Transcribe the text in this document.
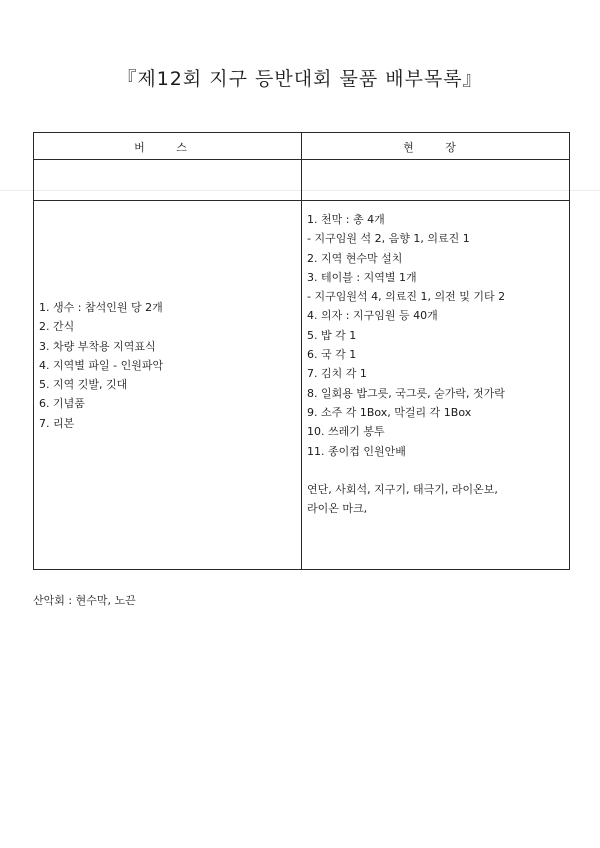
『제12회 지구 등반대회 물품 배부목록』
버 스	현 장
1. 생수 : 참석인원 당 2개
2. 간식
3. 차량 부착용 지역표식
4. 지역별 파일 - 인원파악
5. 지역 깃발, 깃대
6. 기념품
7. 리본
1. 천막 : 총 4개
- 지구임원 석 2, 음향 1, 의료진 1
2. 지역 현수막 설치
3. 테이블 : 지역별 1개
- 지구임원석 4, 의료진 1, 의전 및 기타 2
4. 의자 : 지구임원 등 40개
5. 밥 각 1
6. 국 각 1
7. 김치 각 1
8. 일회용 밥그릇, 국그릇, 숟가락, 젓가락
9. 소주 각 1Box, 막걸리 각 1Box
10. 쓰레기 봉투
11. 종이컵 인원안배
연단, 사회석, 지구기, 태극기, 라이온보,
라이온 마크,
산악회 : 현수막, 노끈
